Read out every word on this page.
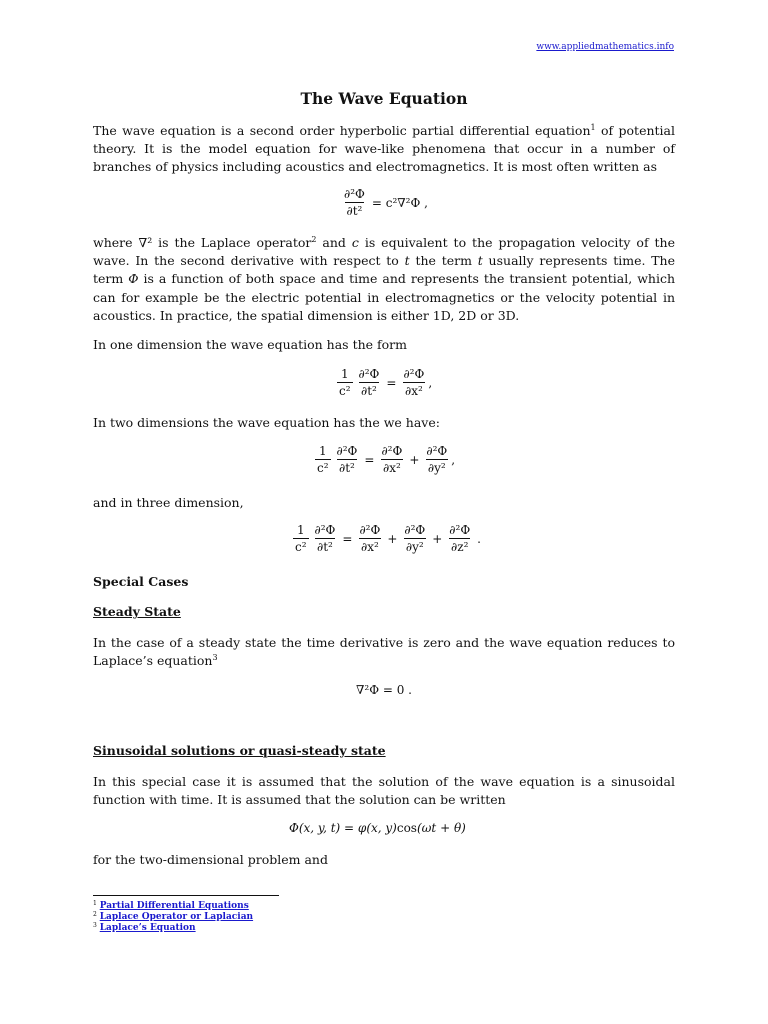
www.appliedmathematics.info
The Wave Equation

The wave equation is a second order hyperbolic partial differential equation$^1$ of potential theory. It is the model equation for wave-like phenomena that occur in a number of branches of physics including acoustics and electromagnetics. It is most often written as

$\frac{\text{∂²Φ}}{\text{∂t²}} = c^2\nabla^2\Phi$ ,

where ∇² is the Laplace operator$^2$ and c is equivalent to the propagation velocity of the wave. In the second derivative with respect to t the term t usually represents time. The term Φ is a function of both space and time and represents the transient potential, which can for example be the electric potential in electromagnetics or the velocity potential in acoustics. In practice, the spatial dimension is either 1D, 2D or 3D.

In one dimension the wave equation has the form

$\frac{1}{\text{c²}} \frac{\text{∂²Φ}}{\text{∂t²}} = \frac{\text{∂²Φ}}{\text{∂x²}}$ ,

In two dimensions the wave equation has the we have:

$\frac{1}{\text{c²}} \frac{\text{∂²Φ}}{\text{∂t²}} = \frac{\text{∂²Φ}}{\text{∂x²}} + \frac{\text{∂²Φ}}{\text{∂y²}}$ ,

and in three dimension,

$\frac{1}{\text{c²}} \frac{\text{∂²Φ}}{\text{∂t²}} = \frac{\text{∂²Φ}}{\text{∂x²}} + \frac{\text{∂²Φ}}{\text{∂y²}} + \frac{\text{∂²Φ}}{\text{∂z²}}$ .

Special Cases

Steady State

In the case of a steady state the time derivative is zero and the wave equation reduces to Laplace’s equation$^3$

∇²Φ = 0 .

Sinusoidal solutions or quasi-steady state

In this special case it is assumed that the solution of the wave equation is a sinusoidal function with time. It is assumed that the solution can be written

Φ(x, y, t) = φ(x, y) cos (ωt + θ)

for the two-dimensional problem and

$^1$ Partial Differential Equations
$^2$ Laplace Operator or Laplacian
$^3$ Laplace’s Equation
